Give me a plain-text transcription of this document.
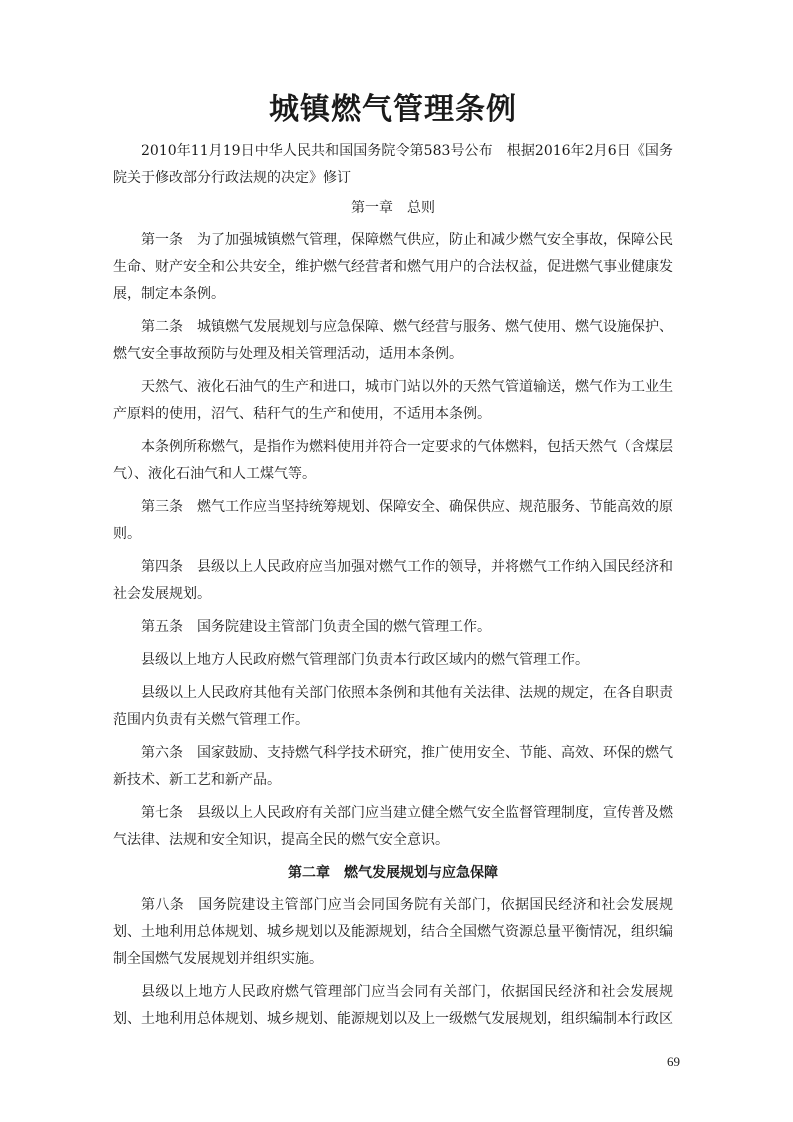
城镇燃气管理条例

2010年11月19日中华人民共和国国务院令第583号公布　根据2016年2月6日《国务院关于修改部分行政法规的决定》修订

第一章 总则

第一条 为了加强城镇燃气管理，保障燃气供应，防止和减少燃气安全事故，保障公民生命、财产安全和公共安全，维护燃气经营者和燃气用户的合法权益，促进燃气事业健康发展，制定本条例。

第二条 城镇燃气发展规划与应急保障、燃气经营与服务、燃气使用、燃气设施保护、燃气安全事故预防与处理及相关管理活动，适用本条例。

天然气、液化石油气的生产和进口，城市门站以外的天然气管道输送，燃气作为工业生产原料的使用，沼气、秸秆气的生产和使用，不适用本条例。

本条例所称燃气，是指作为燃料使用并符合一定要求的气体燃料，包括天然气（含煤层气）、液化石油气和人工煤气等。

第三条 燃气工作应当坚持统筹规划、保障安全、确保供应、规范服务、节能高效的原则。

第四条 县级以上人民政府应当加强对燃气工作的领导，并将燃气工作纳入国民经济和社会发展规划。

第五条 国务院建设主管部门负责全国的燃气管理工作。

县级以上地方人民政府燃气管理部门负责本行政区域内的燃气管理工作。

县级以上人民政府其他有关部门依照本条例和其他有关法律、法规的规定，在各自职责范围内负责有关燃气管理工作。

第六条 国家鼓励、支持燃气科学技术研究，推广使用安全、节能、高效、环保的燃气新技术、新工艺和新产品。

第七条 县级以上人民政府有关部门应当建立健全燃气安全监督管理制度，宣传普及燃气法律、法规和安全知识，提高全民的燃气安全意识。

第二章 燃气发展规划与应急保障

第八条 国务院建设主管部门应当会同国务院有关部门，依据国民经济和社会发展规划、土地利用总体规划、城乡规划以及能源规划，结合全国燃气资源总量平衡情况，组织编制全国燃气发展规划并组织实施。

县级以上地方人民政府燃气管理部门应当会同有关部门，依据国民经济和社会发展规划、土地利用总体规划、城乡规划、能源规划以及上一级燃气发展规划，组织编制本行政区

69
